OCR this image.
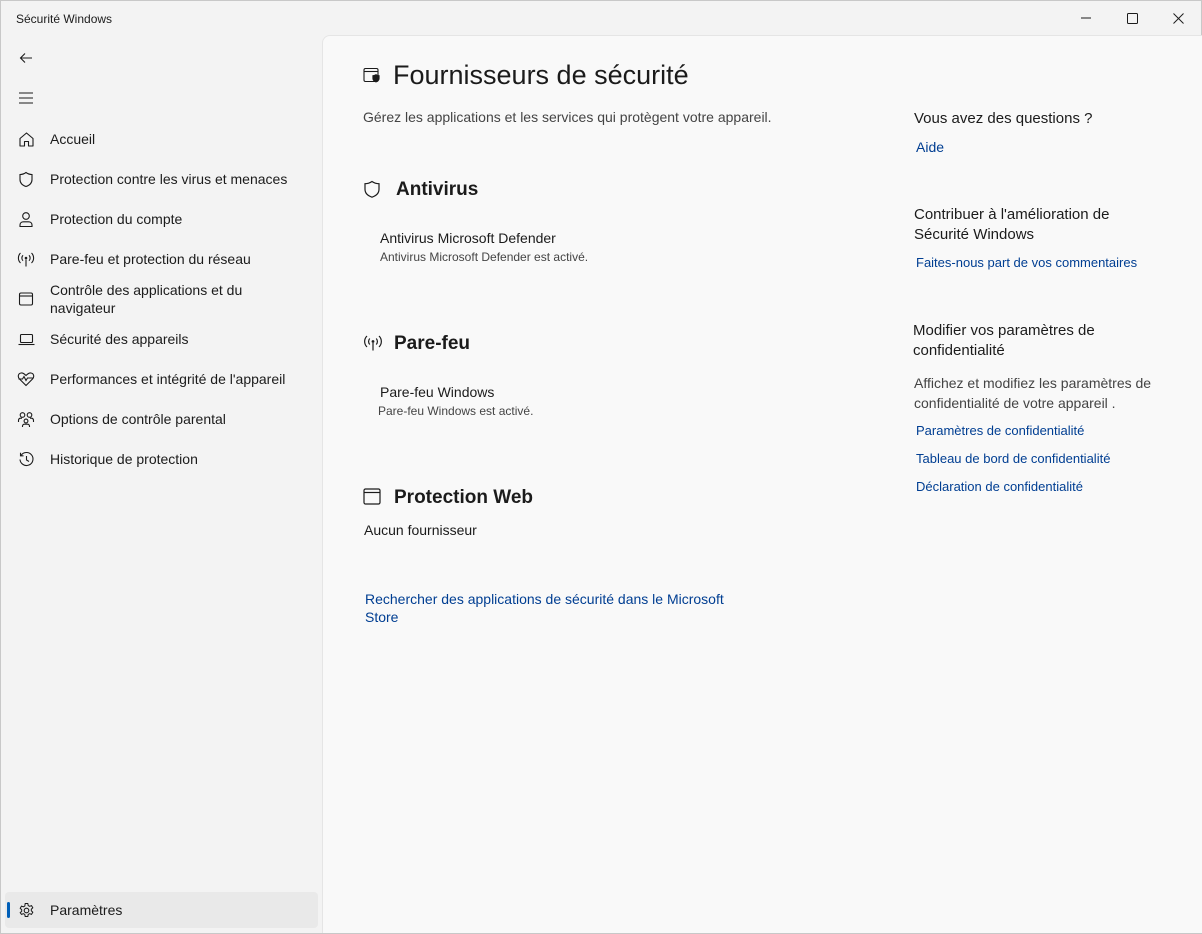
Sécurité Windows
Accueil
Protection contre les virus et menaces
Protection du compte
Pare-feu et protection du réseau
Contrôle des applications et du navigateur
Sécurité des appareils
Performances et intégrité de l'appareil
Options de contrôle parental
Historique de protection
Paramètres
Fournisseurs de sécurité

Gérez les applications et les services qui protègent votre appareil.

Antivirus
Antivirus Microsoft Defender
Antivirus Microsoft Defender est activé.
Pare-feu
Pare-feu Windows
Pare-feu Windows est activé.
Protection Web
Aucun fournisseur
Rechercher des applications de sécurité dans le Microsoft Store
Vous avez des questions ?
Aide
Contribuer à l'amélioration de Sécurité Windows
Faites-nous part de vos commentaires
Modifier vos paramètres de confidentialité
Affichez et modifiez les paramètres de confidentialité de votre appareil .
Paramètres de confidentialité
Tableau de bord de confidentialité
Déclaration de confidentialité
